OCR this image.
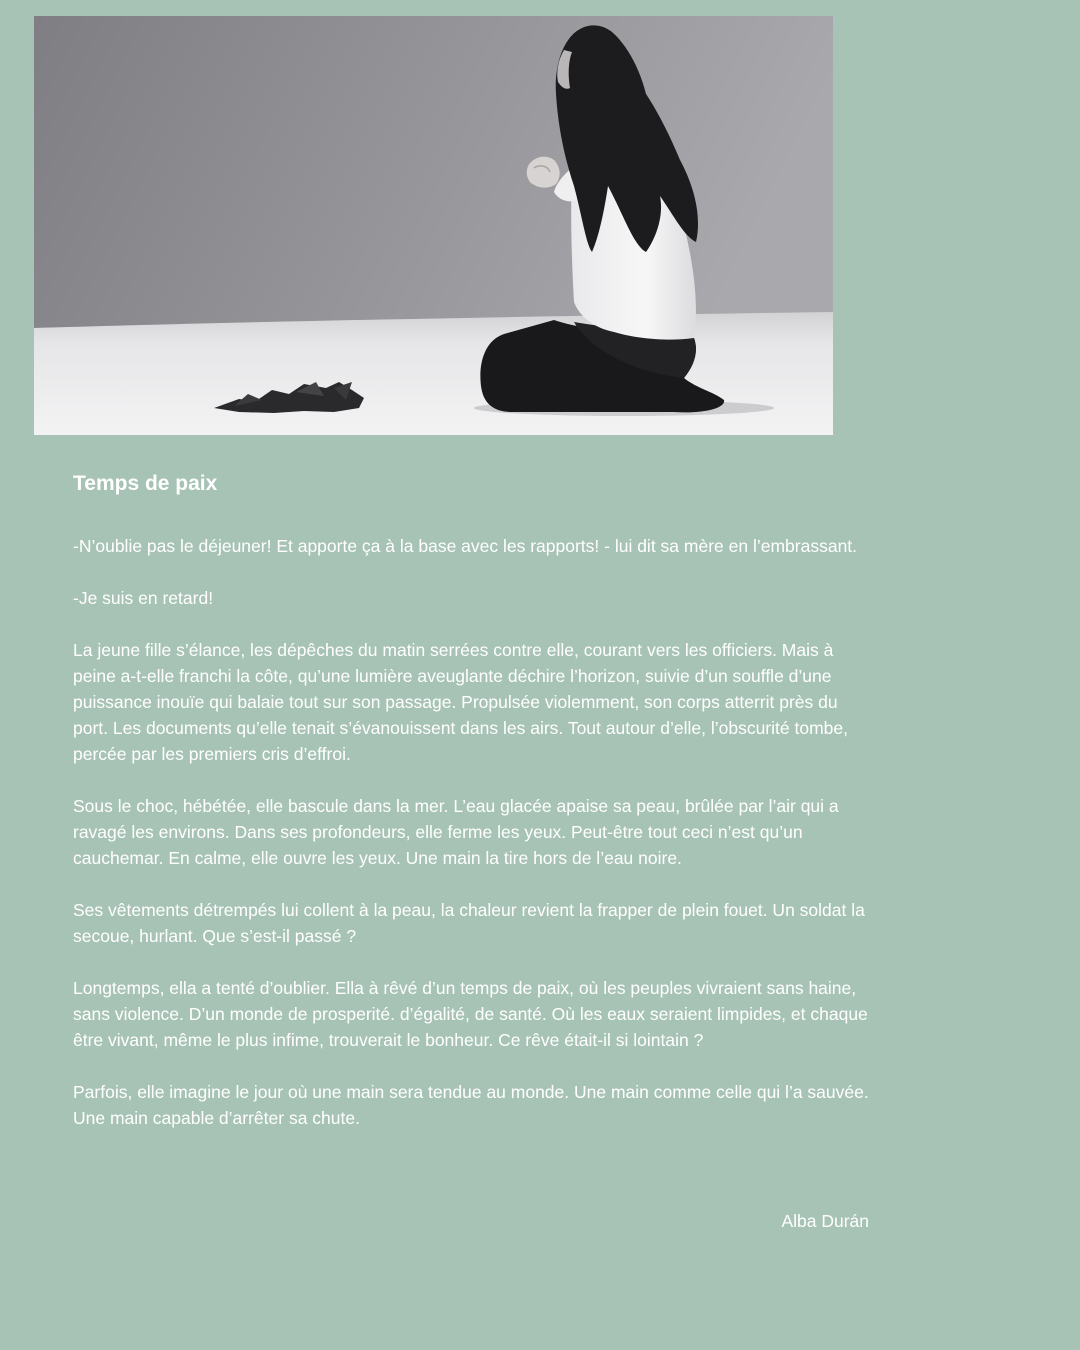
Temps de paix

-N’oublie pas le déjeuner! Et apporte ça à la base avec les rapports! - lui dit sa mère en l’embrassant.

-Je suis en retard!

La jeune fille s’élance, les dépêches du matin serrées contre elle, courant vers les officiers. Mais à peine a-t-elle franchi la côte, qu’une lumière aveuglante déchire l’horizon, suivie d’un souffle d’une puissance inouïe qui balaie tout sur son passage. Propulsée violemment, son corps atterrit près du port. Les documents qu’elle tenait s’évanouissent dans les airs. Tout autour d’elle, l’obscurité tombe, percée par les premiers cris d’effroi.

Sous le choc, hébétée, elle bascule dans la mer. L’eau glacée apaise sa peau, brûlée par l’air qui a ravagé les environs. Dans ses profondeurs, elle ferme les yeux. Peut-être tout ceci n’est qu’un cauchemar. En calme, elle ouvre les yeux. Une main la tire hors de l’eau noire.

Ses vêtements détrempés lui collent à la peau, la chaleur revient la frapper de plein fouet. Un soldat la secoue, hurlant. Que s’est-il passé ?

Longtemps, ella a tenté d’oublier. Ella à rêvé d’un temps de paix, où les peuples vivraient sans haine, sans violence. D’un monde de prosperité. d’égalité, de santé. Où les eaux seraient limpides, et chaque être vivant, même le plus infime, trouverait le bonheur. Ce rêve était-il si lointain ?

Parfois, elle imagine le jour où une main sera tendue au monde. Une main comme celle qui l’a sauvée. Une main capable d’arrêter sa chute.

Alba Durán
